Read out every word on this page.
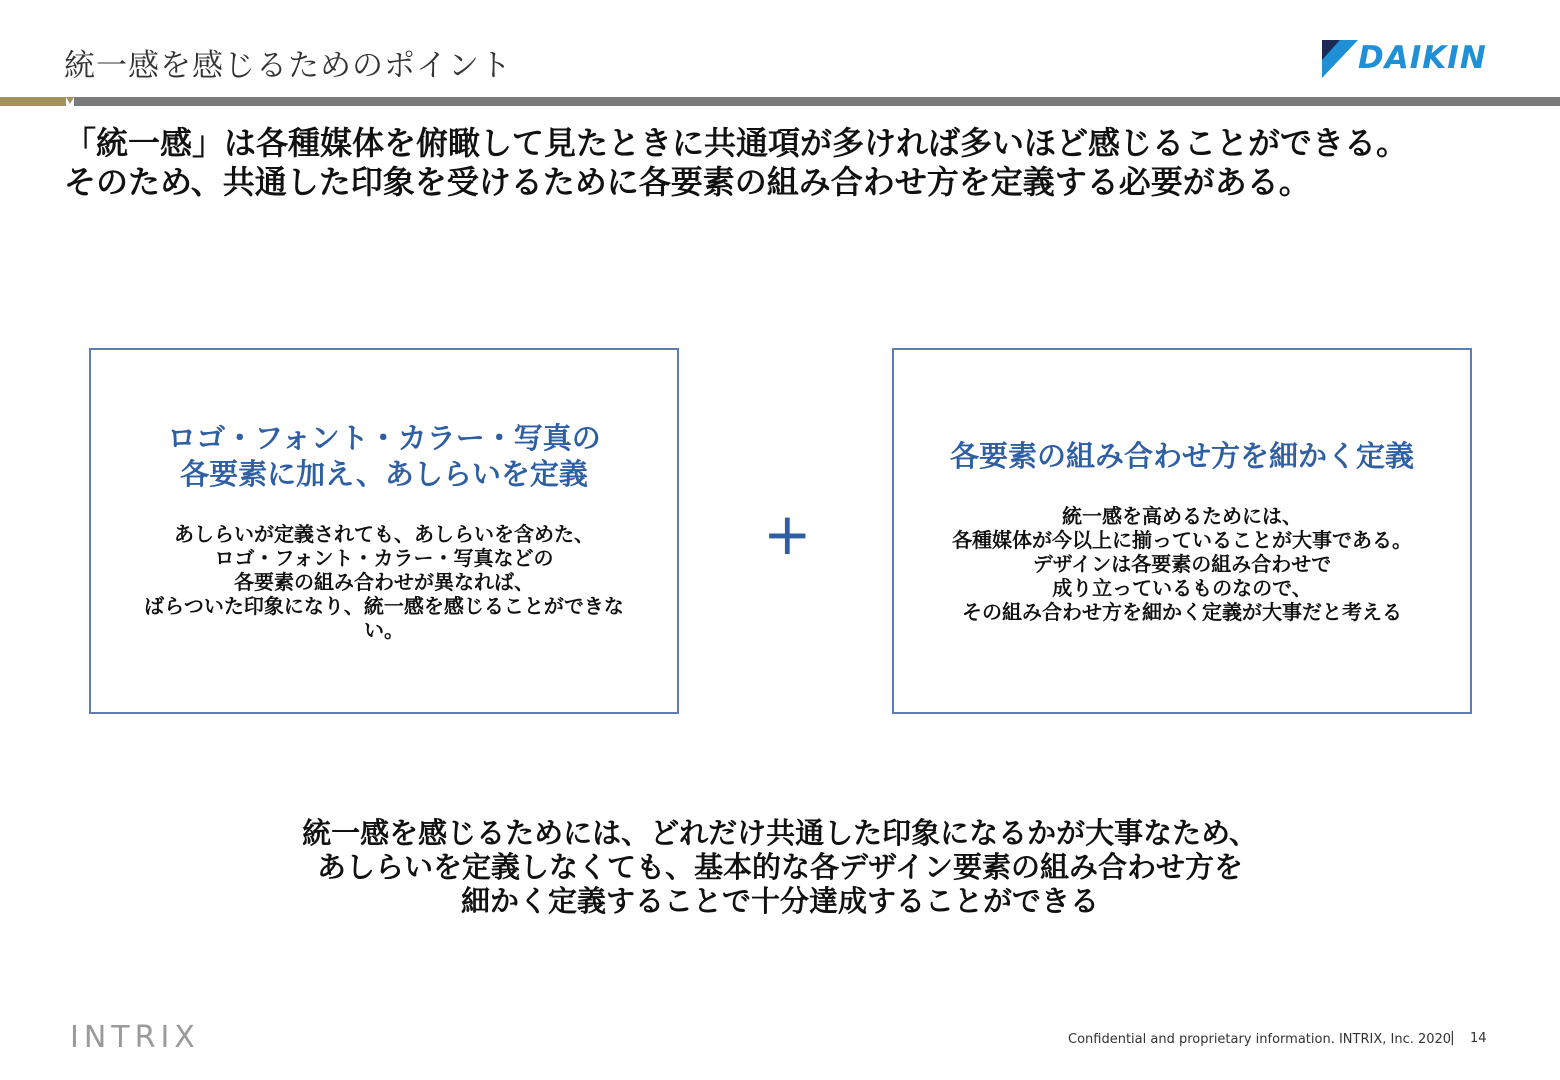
統一感を感じるためのポイント	DAIKIN

「統一感」は各種媒体を俯瞰して見たときに共通項が多ければ多いほど感じることができる。

そのため、共通した印象を受けるために各要素の組み合わせ方を定義する必要がある。

ロゴ・フォント・カラー・写真の

各要素に加え、あしらいを定義

あしらいが定義されても、あしらいを含めた、

ロゴ・フォント・カラー・写真などの

各要素の組み合わせが異なれば、

ばらついた印象になり、統一感を感じることができな

い。

+

各要素の組み合わせ方を細かく定義

統一感を高めるためには、

各種媒体が今以上に揃っていることが大事である。

デザインは各要素の組み合わせで

成り立っているものなので、

その組み合わせ方を細かく定義が大事だと考える

統一感を感じるためには、どれだけ共通した印象になるかが大事なため、

あしらいを定義しなくても、基本的な各デザイン要素の組み合わせ方を

細かく定義することで十分達成することができる

INTRIX	Confidential and proprietary information. INTRIX, Inc. 2020
| 14
